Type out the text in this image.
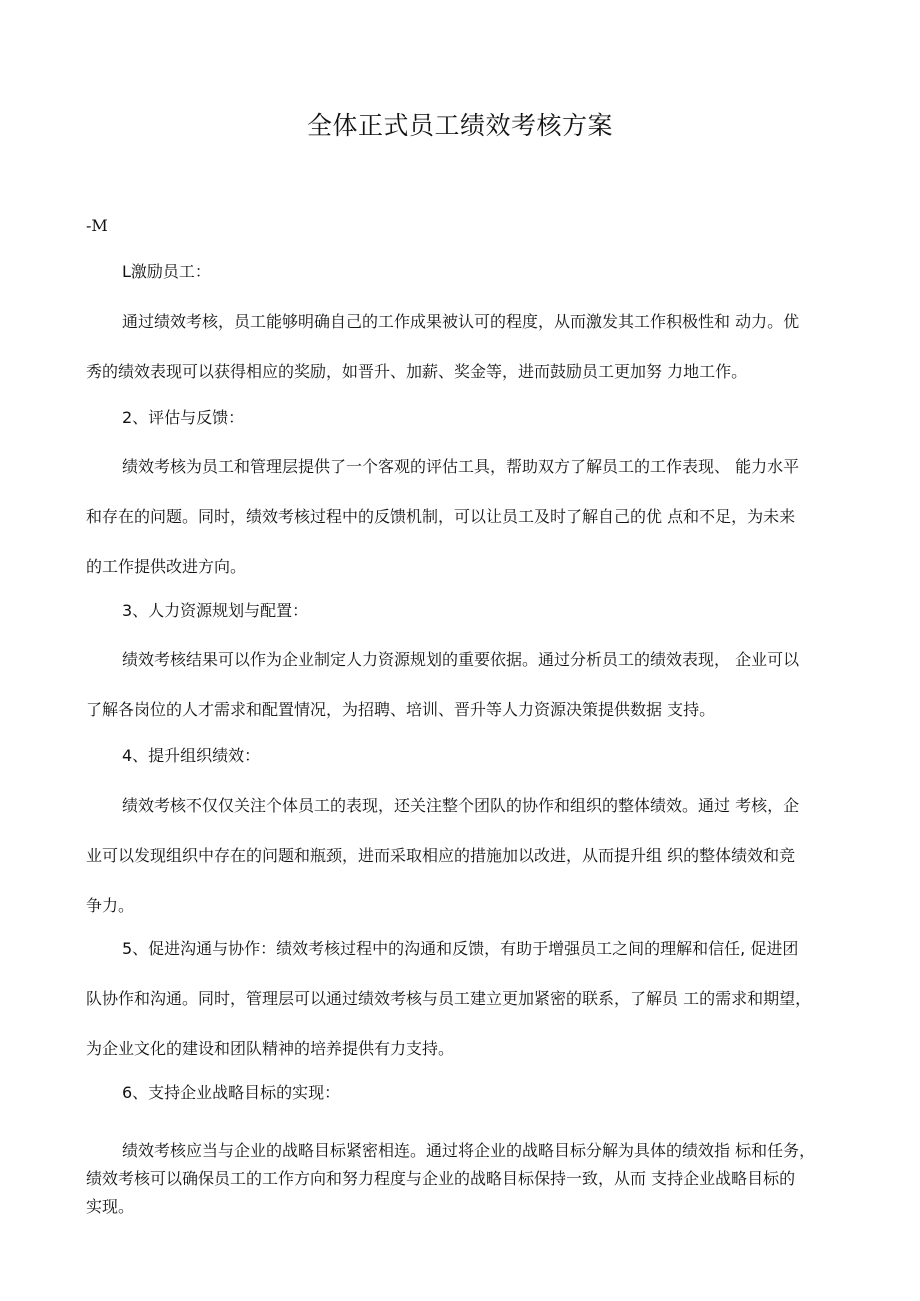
全体正式员工绩效考核方案
-M
L激励员工：
通过绩效考核，员工能够明确自己的工作成果被认可的程度，从而激发其工作积极性和 动力。优
秀的绩效表现可以获得相应的奖励，如晋升、加薪、奖金等，进而鼓励员工更加努 力地工作。
2、评估与反馈：
绩效考核为员工和管理层提供了一个客观的评估工具，帮助双方了解员工的工作表现、 能力水平
和存在的问题。同时，绩效考核过程中的反馈机制，可以让员工及时了解自己的优 点和不足，为未来
的工作提供改进方向。
3、人力资源规划与配置：
绩效考核结果可以作为企业制定人力资源规划的重要依据。通过分析员工的绩效表现， 企业可以
了解各岗位的人才需求和配置情况，为招聘、培训、晋升等人力资源决策提供数据 支持。
4、提升组织绩效：
绩效考核不仅仅关注个体员工的表现，还关注整个团队的协作和组织的整体绩效。通过 考核，企
业可以发现组织中存在的问题和瓶颈，进而采取相应的措施加以改进，从而提升组 织的整体绩效和竞
争力。
5、促进沟通与协作：绩效考核过程中的沟通和反馈，有助于增强员工之间的理解和信任, 促进团
队协作和沟通。同时，管理层可以通过绩效考核与员工建立更加紧密的联系，了解员 工的需求和期望，
为企业文化的建设和团队精神的培养提供有力支持。
6、支持企业战略目标的实现：
绩效考核应当与企业的战略目标紧密相连。通过将企业的战略目标分解为具体的绩效指 标和任务，
绩效考核可以确保员工的工作方向和努力程度与企业的战略目标保持一致，从而 支持企业战略目标的
实现。
